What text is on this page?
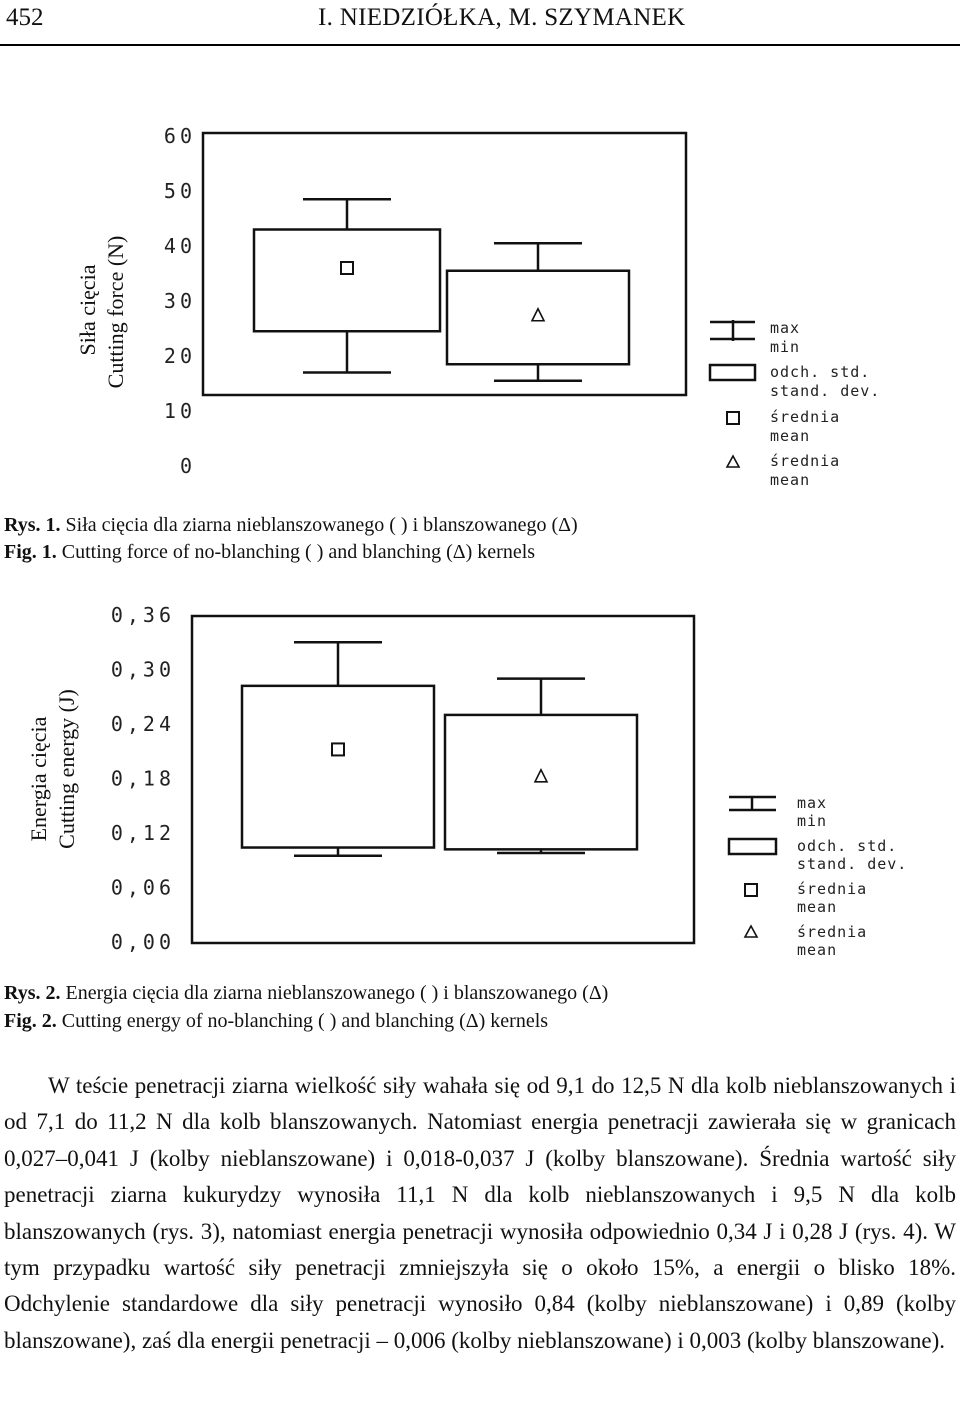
452	I. NIEDZIÓŁKA, M. SZYMANEK
Siła cięcia Cutting force (N)
60
50
40
30
20
10
0
max
min
odch. std.
stand. dev.
średnia
mean
średnia
mean
Rys. 1. Siła cięcia dla ziarna nieblanszowanego ( ) i blanszowanego (Δ)
Fig. 1. Cutting force of no-blanching ( ) and blanching (Δ) kernels
Energia cięcia Cutting energy (J)
0,36
0,30
0,24
0,18
0,12
0,06
0,00
max
min
odch. std.
stand. dev.
średnia
mean
średnia
mean
Rys. 2. Energia cięcia dla ziarna nieblanszowanego ( ) i blanszowanego (Δ)
Fig. 2. Cutting energy of no-blanching ( ) and blanching (Δ) kernels

W teście penetracji ziarna wielkość siły wahała się od 9,1 do 12,5 N dla kolb nieblanszowanych i od 7,1 do 11,2 N dla kolb blanszowanych. Natomiast energia penetracji zawierała się w granicach 0,027–0,041 J (kolby nieblanszowane) i 0,018-0,037 J (kolby blanszowane). Średnia wartość siły penetracji ziarna kukurydzy wynosiła 11,1 N dla kolb nieblanszowanych i 9,5 N dla kolb blanszowanych (rys. 3), natomiast energia penetracji wynosiła odpowiednio 0,34 J i 0,28 J (rys. 4). W tym przypadku wartość siły penetracji zmniejszyła się o około 15%, a energii o blisko 18%. Odchylenie standardowe dla siły penetracji wynosiło 0,84 (kolby nieblanszowane) i 0,89 (kolby blanszowane), zaś dla energii penetracji – 0,006 (kolby nieblanszowane) i 0,003 (kolby blanszowane).
